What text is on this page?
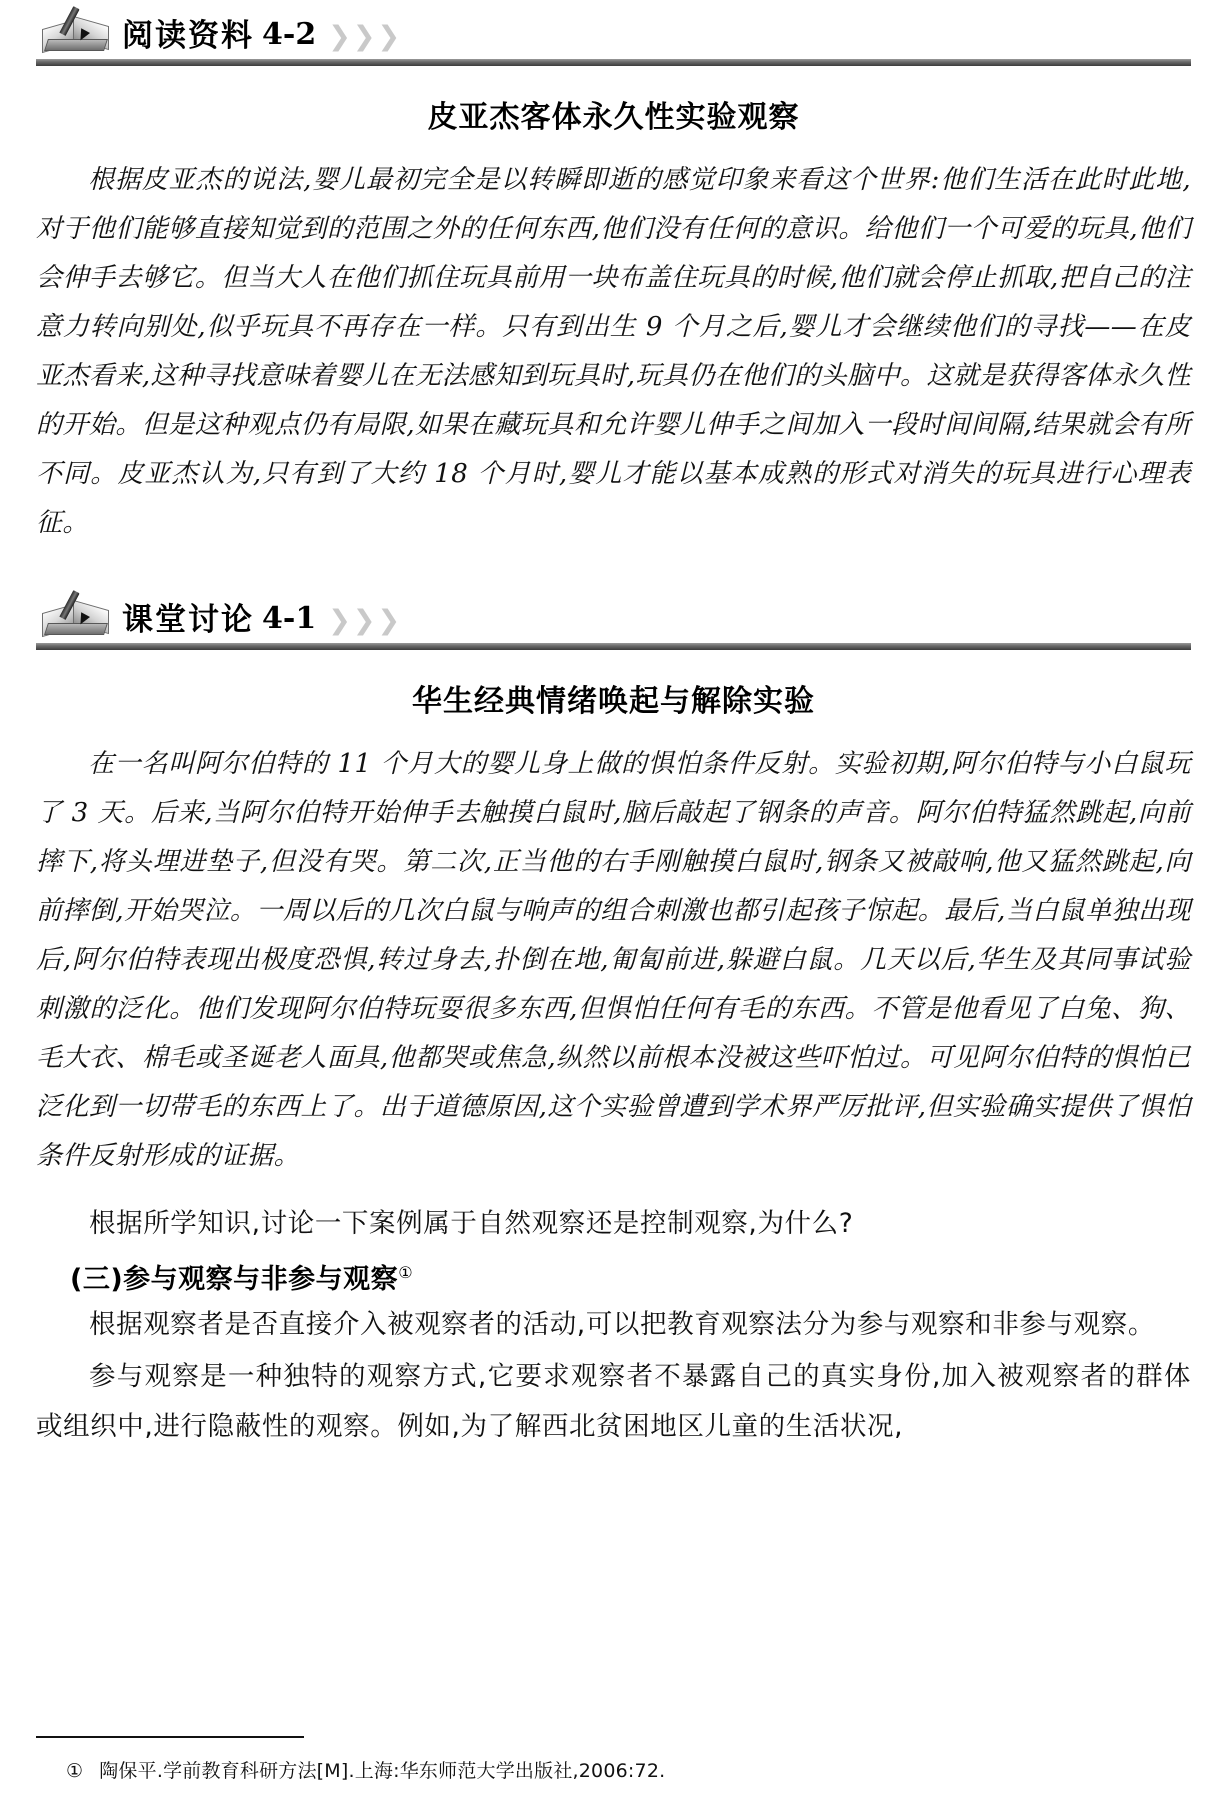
阅读资料 4-2 ❯ ❯ ❯
皮亚杰客体永久性实验观察

根据皮亚杰的说法,婴儿最初完全是以转瞬即逝的感觉印象来看这个世界:他们生活在此时此地,对于他们能够直接知觉到的范围之外的任何东西,他们没有任何的意识。给他们一个可爱的玩具,他们会伸手去够它。但当大人在他们抓住玩具前用一块布盖住玩具的时候,他们就会停止抓取,把自己的注意力转向别处,似乎玩具不再存在一样。只有到出生 9 个月之后,婴儿才会继续他们的寻找——在皮亚杰看来,这种寻找意味着婴儿在无法感知到玩具时,玩具仍在他们的头脑中。这就是获得客体永久性的开始。但是这种观点仍有局限,如果在藏玩具和允许婴儿伸手之间加入一段时间间隔,结果就会有所不同。皮亚杰认为,只有到了大约 18 个月时,婴儿才能以基本成熟的形式对消失的玩具进行心理表征。

课堂讨论 4-1 ❯ ❯ ❯
华生经典情绪唤起与解除实验

在一名叫阿尔伯特的 11 个月大的婴儿身上做的惧怕条件反射。实验初期,阿尔伯特与小白鼠玩了 3 天。后来,当阿尔伯特开始伸手去触摸白鼠时,脑后敲起了钢条的声音。阿尔伯特猛然跳起,向前摔下,将头埋进垫子,但没有哭。第二次,正当他的右手刚触摸白鼠时,钢条又被敲响,他又猛然跳起,向前摔倒,开始哭泣。一周以后的几次白鼠与响声的组合刺激也都引起孩子惊起。最后,当白鼠单独出现后,阿尔伯特表现出极度恐惧,转过身去,扑倒在地,匍匐前进,躲避白鼠。几天以后,华生及其同事试验刺激的泛化。他们发现阿尔伯特玩耍很多东西,但惧怕任何有毛的东西。不管是他看见了白兔、狗、毛大衣、棉毛或圣诞老人面具,他都哭或焦急,纵然以前根本没被这些吓怕过。可见阿尔伯特的惧怕已泛化到一切带毛的东西上了。出于道德原因,这个实验曾遭到学术界严厉批评,但实验确实提供了惧怕条件反射形成的证据。

根据所学知识,讨论一下案例属于自然观察还是控制观察,为什么?

(三)参与观察与非参与观察①

根据观察者是否直接介入被观察者的活动,可以把教育观察法分为参与观察和非参与观察。

参与观察是一种独特的观察方式,它要求观察者不暴露自己的真实身份,加入被观察者的群体或组织中,进行隐蔽性的观察。例如,为了解西北贫困地区儿童的生活状况,

① 陶保平.学前教育科研方法[M].上海:华东师范大学出版社,2006:72.
